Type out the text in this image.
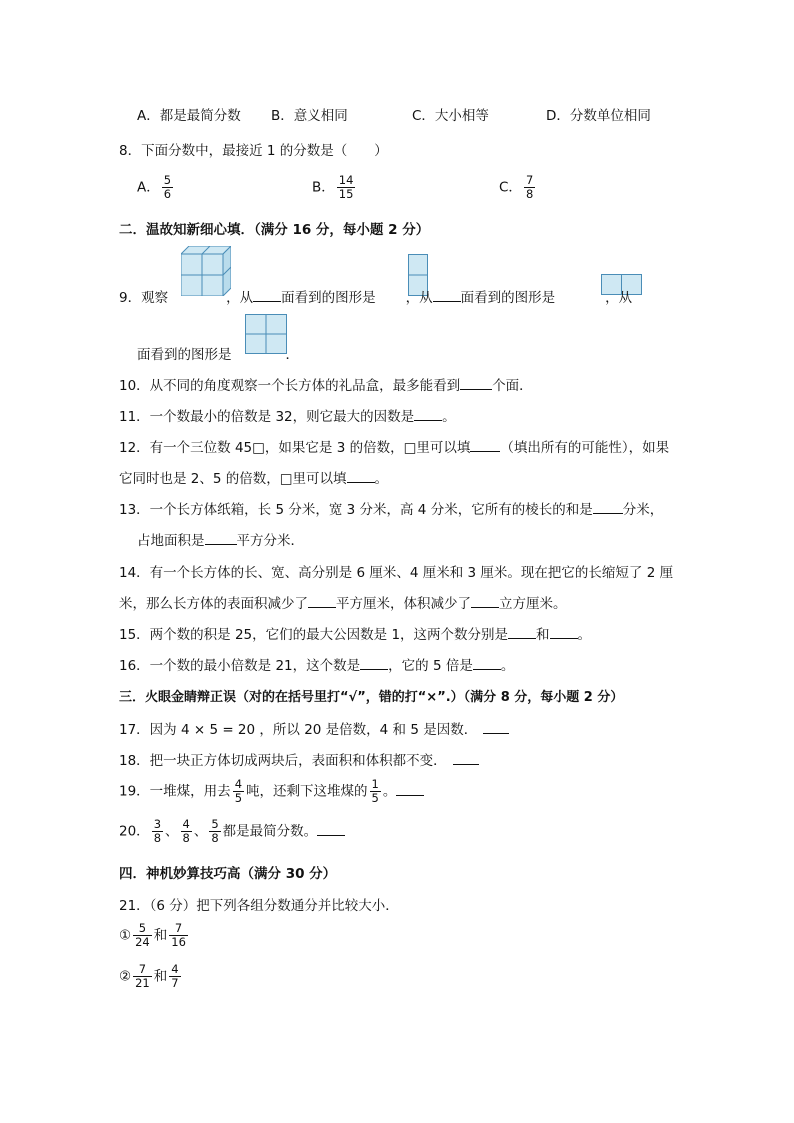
A．都是最简分数 B．意义相同	C．大小相等	D．分数单位相同
8．下面分数中，最接近 1 的分数是（　　）
A． $\frac{5}{6}$	B． $\frac{14}{15}$	C． $\frac{7}{8}$
二．温故知新细心填．（满分 16 分，每小题 2 分）
9．观察	，从 面看到的图形是 ，从 面看到的图形是	，从
面看到的图形是	．
10．从不同的角度观察一个长方体的礼品盒，最多能看到 个面．
11．一个数最小的倍数是 32，则它最大的因数是 。
12．有一个三位数 45□，如果它是 3 的倍数，□里可以填 （填出所有的可能性），如果
它同时也是 2、5 的倍数，□里可以填 。
13．一个长方体纸箱，长 5 分米，宽 3 分米，高 4 分米，它所有的棱长的和是 分米，
占地面积是 平方分米．
14．有一个长方体的长、宽、高分别是 6 厘米、4 厘米和 3 厘米。现在把它的长缩短了 2 厘
米，那么长方体的表面积减少了 平方厘米，体积减少了 立方厘米。
15．两个数的积是 25，它们的最大公因数是 1，这两个数分别是 和 。
16．一个数的最小倍数是 21，这个数是 ，它的 5 倍是 。
三．火眼金睛辩正误（对的在括号里打“√”，错的打“×”.）（满分 8 分，每小题 2 分）
17．因为 4 × 5 = 20 ，所以 20 是倍数，4 和 5 是因数．
18．把一块正方体切成两块后，表面积和体积都不变．
19．一堆煤，用去 $\frac{4}{5}$ 吨，还剩下这堆煤的 $\frac{1}{5}$ 。
20． $\frac{3}{8}$ 、 $\frac{4}{8}$ 、 $\frac{5}{8}$ 都是最简分数。
四．神机妙算技巧高（满分 30 分）
21．（6 分）把下列各组分数通分并比较大小．
① $\frac{5}{24}$ 和 $\frac{7}{16}$
② $\frac{7}{21}$ 和 $\frac{4}{7}$
